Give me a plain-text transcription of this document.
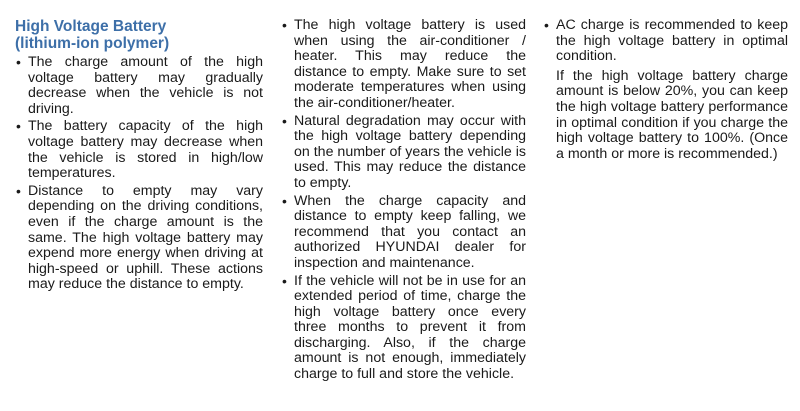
High Voltage Battery
(lithium-ion polymer)
• The charge amount of the high voltage battery may gradually decrease when the vehicle is not driving.
• The battery capacity of the high voltage battery may decrease when the vehicle is stored in high/low temperatures.
• Distance to empty may vary depending on the driving conditions, even if the charge amount is the same. The high voltage battery may expend more energy when driving at high-speed or uphill. These actions may reduce the distance to empty.
• The high voltage battery is used when using the air-conditioner / heater. This may reduce the distance to empty. Make sure to set moderate temperatures when using the air-conditioner/heater.
• Natural degradation may occur with the high voltage battery depending on the number of years the vehicle is used. This may reduce the distance to empty.
• When the charge capacity and distance to empty keep falling, we recommend that you contact an authorized HYUNDAI dealer for inspection and maintenance.
• If the vehicle will not be in use for an extended period of time, charge the high voltage battery once every three months to prevent it from discharging. Also, if the charge amount is not enough, immediately charge to full and store the vehicle.
• AC charge is recommended to keep the high voltage battery in optimal condition.
If the high voltage battery charge amount is below 20%, you can keep the high voltage battery performance in optimal condition if you charge the high voltage battery to 100%. (Once a month or more is recommended.)
